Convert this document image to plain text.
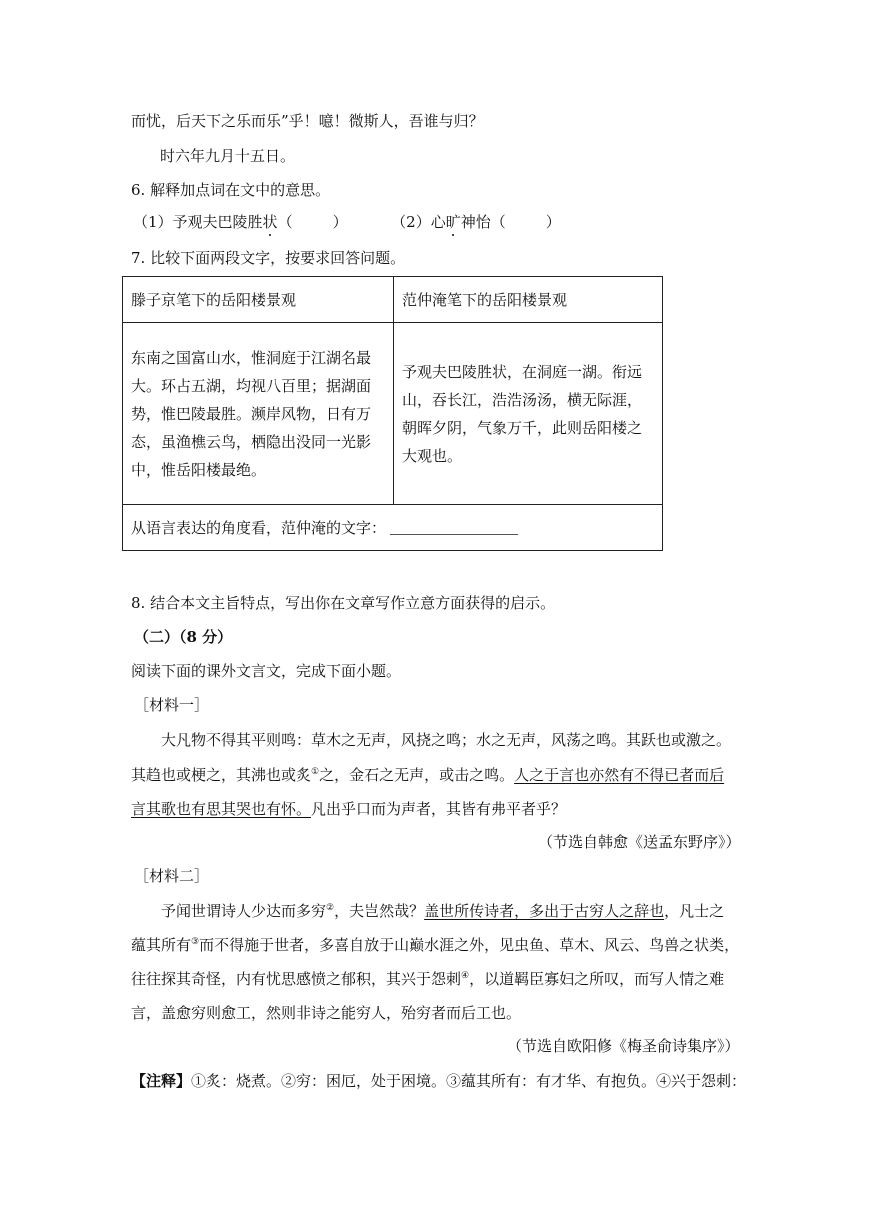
而忧，后天下之乐而乐”乎！噫！微斯人，吾谁与归？
时六年九月十五日。
6. 解释加点词在文中的意思。
（1）予观夫巴陵胜状（	）	（2）心旷神怡（	）
7. 比较下面两段文字，按要求回答问题。
滕子京笔下的岳阳楼景观	范仲淹笔下的岳阳楼景观
东南之国富山水，惟洞庭于江湖名最大。环占五湖，均视八百里；据湖面势，惟巴陵最胜。濒岸风物，日有万态，虽渔樵云鸟，栖隐出没同一光影中，惟岳阳楼最绝。	予观夫巴陵胜状，在洞庭一湖。衔远山，吞长江，浩浩汤汤，横无际涯，朝晖夕阴，气象万千，此则岳阳楼之大观也。
从语言表达的角度看，范仲淹的文字：	
8. 结合本文主旨特点，写出你在文章写作立意方面获得的启示。
（二）（8 分）
阅读下面的课外文言文，完成下面小题。
［材料一］
大凡物不得其平则鸣：草木之无声，风挠之鸣；水之无声，风荡之鸣。其跃也或激之。
其趋也或梗之，其沸也或炙①之，金石之无声，或击之鸣。人之于言也亦然有不得已者而后
言其歌也有思其哭也有怀。凡出乎口而为声者，其皆有弗平者乎？
（节选自韩愈《送孟东野序》）
［材料二］
予闻世谓诗人少达而多穷②，夫岂然哉？盖世所传诗者，多出于古穷人之辞也，凡士之
蕴其所有③而不得施于世者，多喜自放于山巅水涯之外，见虫鱼、草木、风云、鸟兽之状类，
往往探其奇怪，内有忧思感愤之郁积，其兴于怨刺④，以道羁臣寡妇之所叹，而写人情之难
言，盖愈穷则愈工，然则非诗之能穷人，殆穷者而后工也。
（节选自欧阳修《梅圣俞诗集序》）
【注释】①炙：烧煮。②穷：困厄，处于困境。③蕴其所有：有才华、有抱负。④兴于怨刺：
